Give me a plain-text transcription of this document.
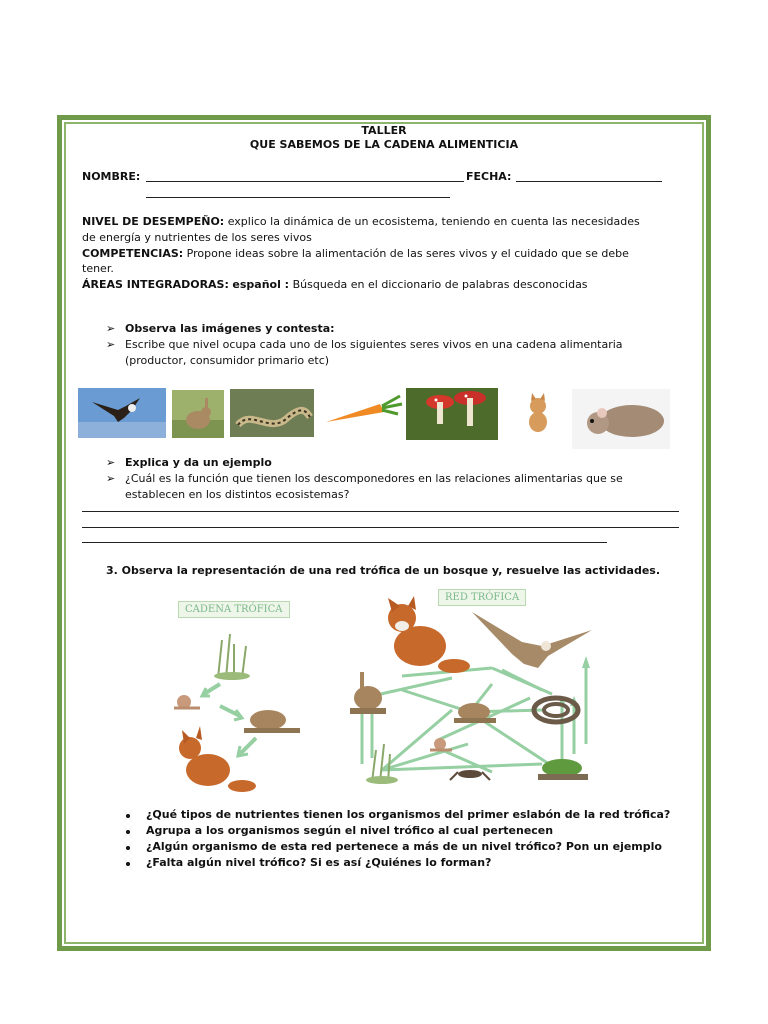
TALLER
QUE SABEMOS DE LA CADENA ALIMENTICIA
NOMBRE:	FECHA:
NIVEL DE DESEMPEÑO: explico la dinámica de un ecosistema, teniendo en cuenta las necesidades
de energía y nutrientes de los seres vivos
COMPETENCIAS: Propone ideas sobre la alimentación de las seres vivos y el cuidado que se debe
tener.
ÁREAS INTEGRADORAS: español : Búsqueda en el diccionario de palabras desconocidas
➢ Observa las imágenes y contesta:
➢ Escribe que nivel ocupa cada uno de los siguientes seres vivos en una cadena alimentaria
(productor, consumidor primario etc)
➢ Explica y da un ejemplo
➢ ¿Cuál es la función que tienen los descomponedores en las relaciones alimentarias que se
establecen en los distintos ecosistemas?
3. Observa la representación de una red trófica de un bosque y, resuelve las actividades.
CADENA TRÓFICA
RED TRÓFICA
¿Qué tipos de nutrientes tienen los organismos del primer eslabón de la red trófica?
Agrupa a los organismos según el nivel trófico al cual pertenecen
¿Algún organismo de esta red pertenece a más de un nivel trófico? Pon un ejemplo
¿Falta algún nivel trófico? Si es así ¿Quiénes lo forman?
